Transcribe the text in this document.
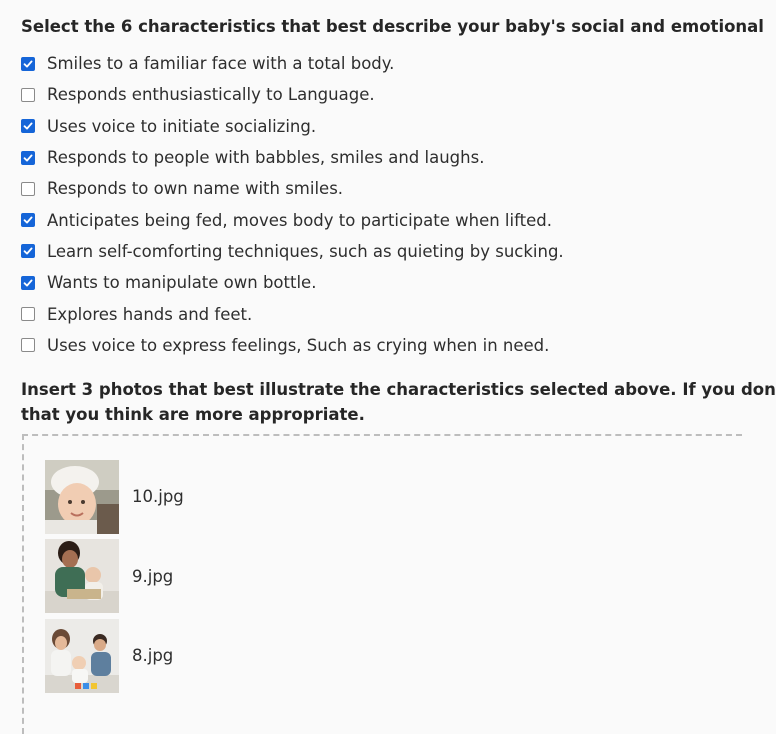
Select the 6 characteristics that best describe your baby's social and emotional
Smiles to a familiar face with a total body.
Responds enthusiastically to Language.
Uses voice to initiate socializing.
Responds to people with babbles, smiles and laughs.
Responds to own name with smiles.
Anticipates being fed, moves body to participate when lifted.
Learn self-comforting techniques, such as quieting by sucking.
Wants to manipulate own bottle.
Explores hands and feet.
Uses voice to express feelings, Such as crying when in need.
Insert 3 photos that best illustrate the characteristics selected above. If you don
that you think are more appropriate.
10.jpg
9.jpg
8.jpg
